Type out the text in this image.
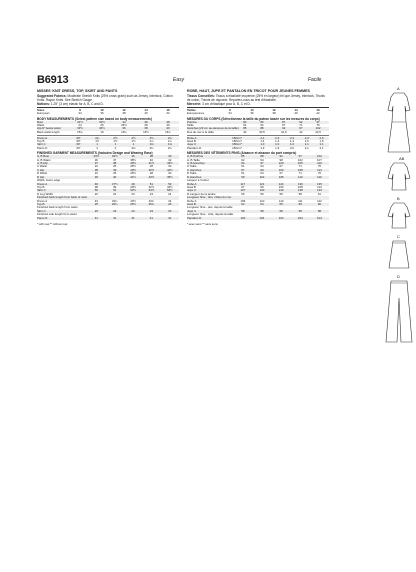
B6913	Easy	Facile
MISSES' KNIT DRESS, TOP, SKIRT AND PANTS
Suggested Fabrics: Moderate Stretch Knits (25% cross grain) such as Jersey, Interlock, Cotton Knits, Rayon Knits. See Stretch Gauge.
Notions: 1.25" (3 cm) elastic for A, B, C and D.
Sizes		8	10	12	14	16
European		34	36	38	40	42
BODY MEASUREMENTS (Select pattern size based on body measurements)
Bust		31½	32½	34	36	38
Waist		24	25	26½	28	30
Hip-9" below waist		33½	34½	36	38	40
Back waist length		15¾	16	16¼	16½	16¾
Dress A	60"	2¼	2½	2½	2½	2¾
Top B	60"	1½	1½	1½	1¾	1¾
Skirt C	60"	1	1	1	1⅛	1⅛
Pants D	60"	2	2	2⅛	2¼	2¼
FINISHED GARMENT MEASUREMENTS (Includes Design and Wearing Ease)
A, B Bust		33½	34½	36	38	40
A, B Waist		36	37	38½	40	42
A, B Hip		37	38	39½	41½	43½
C Waist		24	25	26½	28	30
C Hip		38	39	40½	42½	44½
D Waist		24	25	26½	28	30
D Hip		39	40	41½	43½	45½
Width, lower edge						
Dress A		46	47½	49	51	53
Top B		38	39	40½	42½	44½
Skirt C		50	51	52½	54½	56½
D Leg Width		22	22	23	23	24
Finished back length from back of neck						
Dress A		43	43¼	43½	43¾	44
Top B		25	25¼	25½	25¾	26
Finished back length from waist						
Skirt C		23	23	23	23	23
Finished side length from waist						
Pants D		41	41	41	41	41
* with nap ** without nap
ROBE, HAUT, JUPE ET PANTALON EN TRICOT POUR JEUNES FEMMES
Tissus Conseillés: Tissus à élasticité moyenne (25% en largeur) tel que Jersey, Interlock, Tricots de coton, Tricots de rayonne. Reportez-vous au test d'élasticité.
Mercerie: 3 cm d'élastique pour A, B, C et D.
Tailles		8	10	12	14	16
Européennes		34	36	38	40	42
MESURES DU CORPS (Sélectionnez la taille du patron basée sur les mesures du corps)
Poitrine		80	83	87	92	97
Taille		61	64	67	71	76
Hanches (23 cm au-dessous de la taille)		85	88	92	97	102
Dos de nuc à la taille		40	40,5	41,5	42	42,5
Robe A	150cm*	2,1	2,3	2,3	2,3	2,6
Haut B	150cm*	1,4	1,4	1,4	1,6	1,6
Jupe C	150cm*	1,0	1,0	1,0	1,1	1,1
Pantalon D	150cm*	1,9	1,9	2,0	2,1	2,1
MESURES DES VÊTEMENTS FINIS (Aisance et aisance du port compris)
A, B Poitrine		85	88	92	97	102
A, B Taille		92	94	98	102	107
A, B Hanches		94	97	100	105	110
C Taille		61	64	67	71	76
C Hanches		97	99	103	108	113
D Taille		61	64	67	71	76
D Hanches		99	102	105	110	116
Largeur à l'ourlet						
Robe A		117	121	124	130	135
Haut B		97	99	103	108	113
Jupe C		127	130	133	138	143
D Largeur de la jambe		56	56	58	58	61
Longueur finie - dos, milieu du cou						
Robe A		109	110	110	111	112
Haut B		64	64	65	65	66
Longueur finie - dos, depuis la taille						
Jupe C		58	58	58	58	58
Longueur finie - côté, depuis la taille						
Pantalon D		104	104	104	104	104
* avec sens ** sans sens
A
AB
B
C
D
